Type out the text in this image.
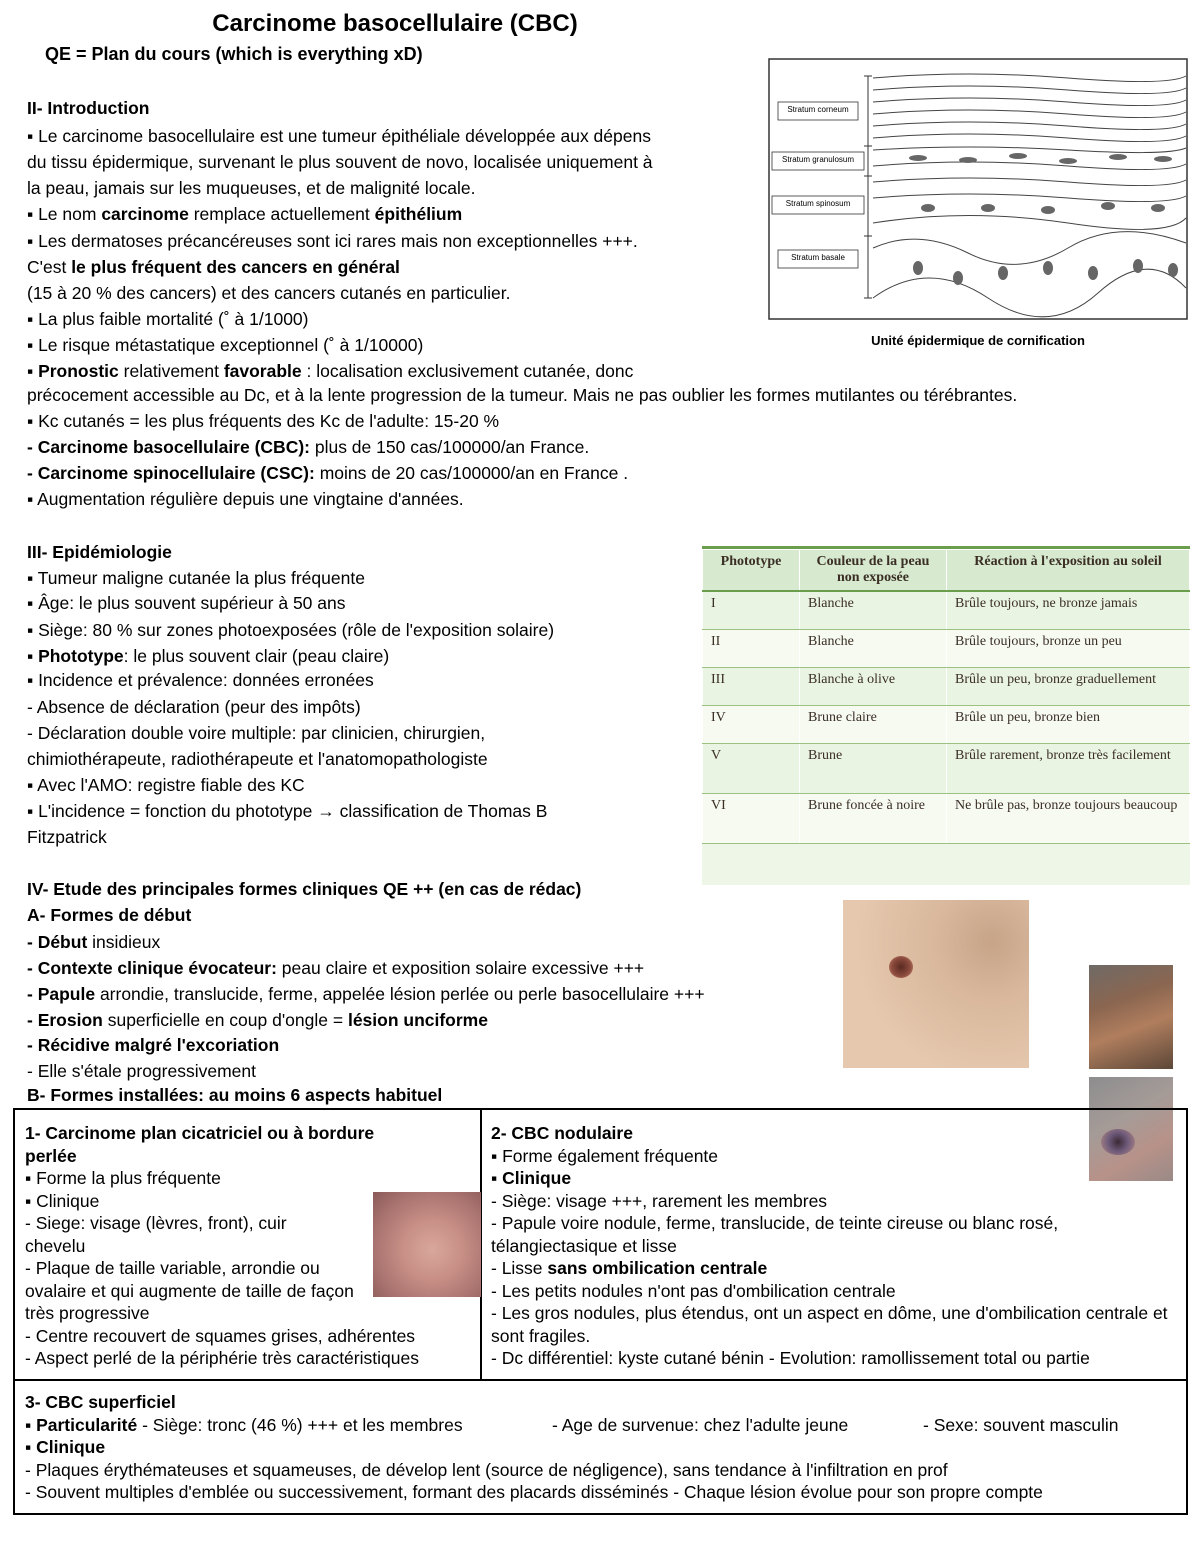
Carcinome basocellulaire (CBC)
QE = Plan du cours (which is everything xD)
II- Introduction
▪ Le carcinome basocellulaire est une tumeur épithéliale développée aux dépens
du tissu épidermique, survenant le plus souvent de novo, localisée uniquement à
la peau, jamais sur les muqueuses, et de malignité locale.
▪ Le nom carcinome remplace actuellement épithélium
▪ Les dermatoses précancéreuses sont ici rares mais non exceptionnelles +++.
C'est le plus fréquent des cancers en général
(15 à 20 % des cancers) et des cancers cutanés en particulier.
▪ La plus faible mortalité (˚ à 1/1000)
▪ Le risque métastatique exceptionnel (˚ à 1/10000)
▪ Pronostic relativement favorable : localisation exclusivement cutanée, donc
précocement accessible au Dc, et à la lente progression de la tumeur. Mais ne pas oublier les formes mutilantes ou térébrantes.
▪ Kc cutanés = les plus fréquents des Kc de l'adulte: 15-20 %
- Carcinome basocellulaire (CBC): plus de 150 cas/100000/an France.
- Carcinome spinocellulaire (CSC): moins de 20 cas/100000/an en France .
▪ Augmentation régulière depuis une vingtaine d'années.
Stratum corneum
Stratum granulosum
Stratum spinosum
Stratum basale
Unité épidermique de cornification
III- Epidémiologie
▪ Tumeur maligne cutanée la plus fréquente
▪ Âge: le plus souvent supérieur à 50 ans
▪ Siège: 80 % sur zones photoexposées (rôle de l'exposition solaire)
▪ Phototype: le plus souvent clair (peau claire)
▪ Incidence et prévalence: données erronées
- Absence de déclaration (peur des impôts)
- Déclaration double voire multiple: par clinicien, chirurgien,
chimiothérapeute, radiothérapeute et l'anatomopathologiste
▪ Avec l'AMO: registre fiable des KC
▪ L'incidence = fonction du phototype → classification de Thomas B
Fitzpatrick
Phototype	Couleur de la peau non exposée	Réaction à l'exposition au soleil
I	Blanche	Brûle toujours, ne bronze jamais
II	Blanche	Brûle toujours, bronze un peu
III	Blanche à olive	Brûle un peu, bronze graduellement
IV	Brune claire	Brûle un peu, bronze bien
V	Brune	Brûle rarement, bronze très facilement
VI	Brune foncée à noire	Ne brûle pas, bronze toujours beaucoup
IV- Etude des principales formes cliniques QE ++ (en cas de rédac)
A- Formes de début
- Début insidieux
- Contexte clinique évocateur: peau claire et exposition solaire excessive +++
- Papule arrondie, translucide, ferme, appelée lésion perlée ou perle basocellulaire +++
- Erosion superficielle en coup d'ongle = lésion unciforme
- Récidive malgré l'excoriation
- Elle s'étale progressivement
B- Formes installées: au moins 6 aspects habituel
1- Carcinome plan cicatriciel ou à bordure perlée
▪ Forme la plus fréquente
▪ Clinique
- Siege: visage (lèvres, front), cuir chevelu
- Plaque de taille variable, arrondie ou ovalaire et qui augmente de taille de façon très progressive
- Centre recouvert de squames grises, adhérentes
- Aspect perlé de la périphérie très caractéristiques
2- CBC nodulaire
▪ Forme également fréquente
▪ Clinique
- Siège: visage +++, rarement les membres
- Papule voire nodule, ferme, translucide, de teinte cireuse ou blanc rosé, télangiectasique et lisse
- Lisse sans ombilication centrale
- Les petits nodules n'ont pas d'ombilication centrale
- Les gros nodules, plus étendus, ont un aspect en dôme, une d'ombilication centrale et sont fragiles.
- Dc différentiel: kyste cutané bénin - Evolution: ramollissement total ou partie
3- CBC superficiel
▪ Particularité - Siège: tronc (46 %) +++ et les membres	- Age de survenue: chez l'adulte jeune	- Sexe: souvent masculin
▪ Clinique
- Plaques érythémateuses et squameuses, de dévelop lent (source de négligence), sans tendance à l'infiltration en prof
- Souvent multiples d'emblée ou successivement, formant des placards disséminés - Chaque lésion évolue pour son propre compte
